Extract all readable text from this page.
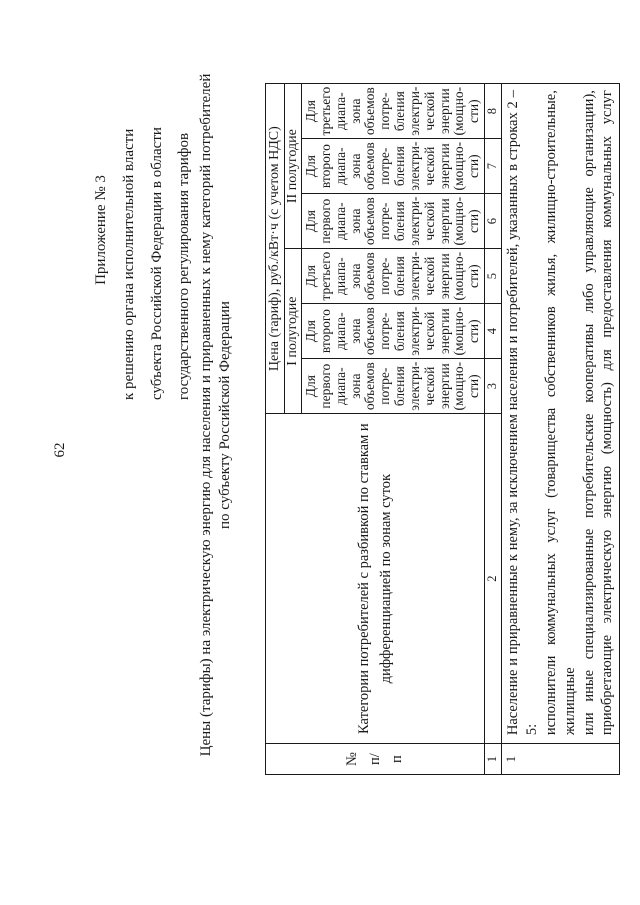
62
Приложение № 3 к решению органа исполнительной власти субъекта Российской Федерации в области государственного регулирования тарифов Цены (тарифы) на электрическую энергию для населения и приравненных к нему категорий потребителей по субъекту Российской Федерации
№ п/п	Категории потребителей с разбивкой по ставкам и дифференциацией по зонам суток	Цена (тариф), руб./кВт·ч (с учетом НДС)					
		I полугодие			II полугодие		
		Для первого диапа-зона объемов потре-бления электри-ческой энергии (мощно-сти)	Для второго диапа-зона объемов потре-бления электри-ческой энергии (мощно-сти)	Для третьего диапа-зона объемов потре-бления электри-ческой энергии (мощно-сти)	Для первого диапа-зона объемов потре-бления электри-ческой энергии (мощно-сти)	Для второго диапа-зона объемов потре-бления электри-ческой энергии (мощно-сти)	Для третьего диапа-зона объемов потре-бления электри-ческой энергии (мощно-сти)
1	2	3	4	5	6	7	8
1	Население и приравненные к нему, за исключением населения и потребителей, указанных в строках 2 – 5: исполнители коммунальных услуг (товарищества собственников жилья, жилищно-строительные, жилищные или иные специализированные потребительские кооперативы либо управляющие организации), приобретающие электрическую энергию (мощность) для предоставления коммунальных услуг						
